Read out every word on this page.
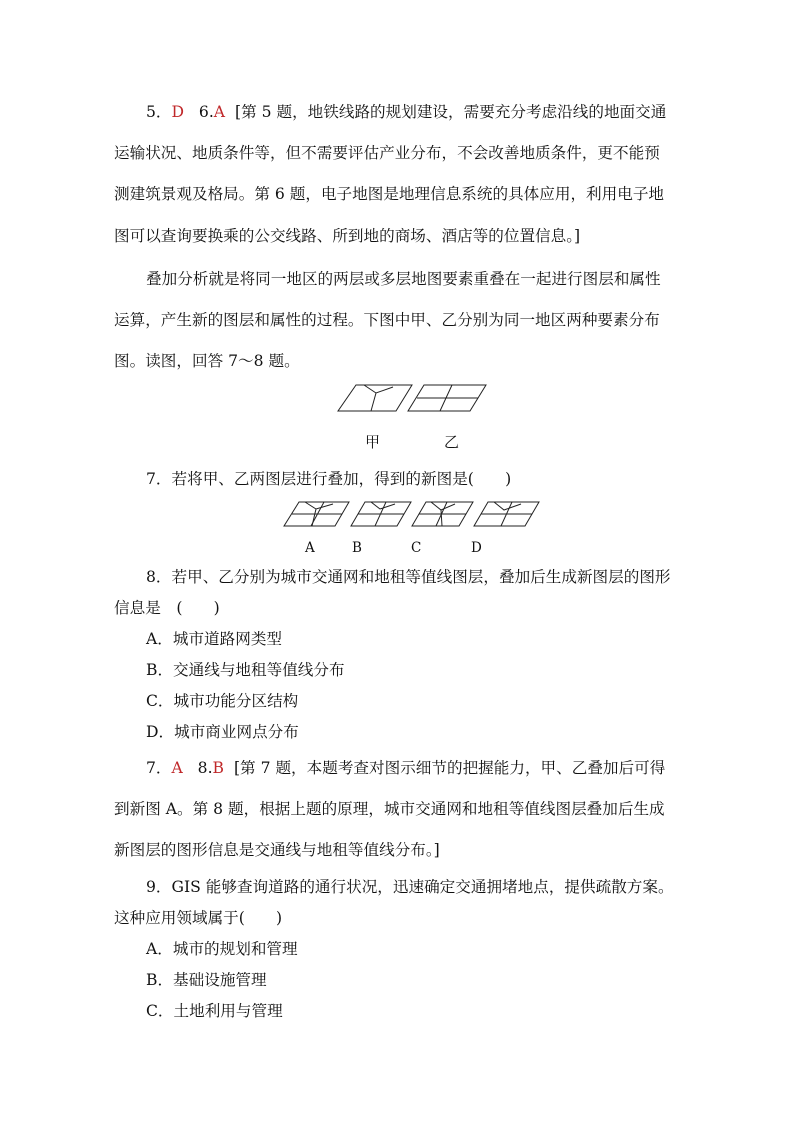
5．D 6.A [第 5 题，地铁线路的规划建设，需要充分考虑沿线的地面交通
运输状况、地质条件等，但不需要评估产业分布，不会改善地质条件，更不能预
测建筑景观及格局。第 6 题，电子地图是地理信息系统的具体应用，利用电子地
图可以查询要换乘的公交线路、所到地的商场、酒店等的位置信息。]
叠加分析就是将同一地区的两层或多层地图要素重叠在一起进行图层和属性
运算，产生新的图层和属性的过程。下图中甲、乙分别为同一地区两种要素分布
图。读图，回答 7～8 题。
甲	乙
7．若将甲、乙两图层进行叠加，得到的新图是(　　)
A	B	C	D
8．若甲、乙分别为城市交通网和地租等值线图层，叠加后生成新图层的图形
信息是　(　　)
A．城市道路网类型
B．交通线与地租等值线分布
C．城市功能分区结构
D．城市商业网点分布
7．A 8.B [第 7 题，本题考查对图示细节的把握能力，甲、乙叠加后可得
到新图 A。第 8 题，根据上题的原理，城市交通网和地租等值线图层叠加后生成
新图层的图形信息是交通线与地租等值线分布。]
9．GIS 能够查询道路的通行状况，迅速确定交通拥堵地点，提供疏散方案。
这种应用领域属于(　　)
A．城市的规划和管理
B．基础设施管理
C．土地利用与管理
